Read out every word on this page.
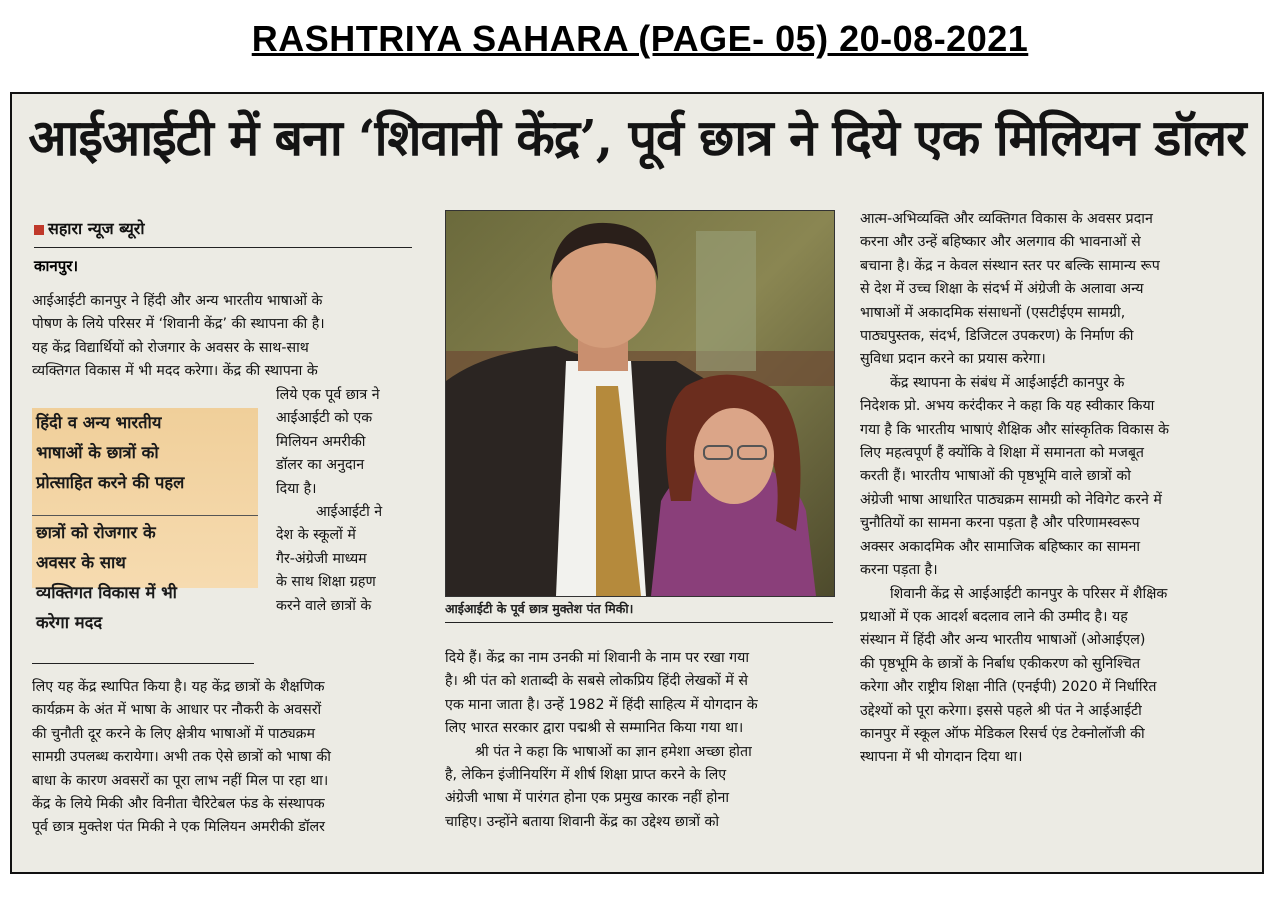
RASHTRIYA SAHARA (PAGE- 05) 20-08-2021
आईआईटी में बना ‘शिवानी केंद्र’, पूर्व छात्र ने दिये एक मिलियन डॉलर
सहारा न्यूज ब्यूरो
कानपुर।

आईआईटी कानपुर ने हिंदी और अन्य भारतीय भाषाओं के

पोषण के लिये परिसर में ‘शिवानी केंद्र’ की स्थापना की है।

यह केंद्र विद्यार्थियों को रोजगार के अवसर के साथ-साथ

व्यक्तिगत विकास में भी मदद करेगा। केंद्र की स्थापना के

हिंदी व अन्य भारतीय
भाषाओं के छात्रों को
प्रोत्साहित करने की पहल
छात्रों को रोजगार के
अवसर के साथ
व्यक्तिगत विकास में भी
करेगा मदद

लिये एक पूर्व छात्र ने

आईआईटी को एक

मिलियन अमरीकी

डॉलर का अनुदान

दिया है।

आईआईटी ने

देश के स्कूलों में

गैर-अंग्रेजी माध्यम

के साथ शिक्षा ग्रहण

करने वाले छात्रों के

लिए यह केंद्र स्थापित किया है। यह केंद्र छात्रों के शैक्षणिक

कार्यक्रम के अंत में भाषा के आधार पर नौकरी के अवसरों

की चुनौती दूर करने के लिए क्षेत्रीय भाषाओं में पाठ्यक्रम

सामग्री उपलब्ध करायेगा। अभी तक ऐसे छात्रों को भाषा की

बाधा के कारण अवसरों का पूरा लाभ नहीं मिल पा रहा था।

केंद्र के लिये मिकी और विनीता चैरिटेबल फंड के संस्थापक

पूर्व छात्र मुक्तेश पंत मिकी ने एक मिलियन अमरीकी डॉलर

आईआईटी के पूर्व छात्र मुक्तेश पंत मिकी।

दिये हैं। केंद्र का नाम उनकी मां शिवानी के नाम पर रखा गया

है। श्री पंत को शताब्दी के सबसे लोकप्रिय हिंदी लेखकों में से

एक माना जाता है। उन्हें 1982 में हिंदी साहित्य में योगदान के

लिए भारत सरकार द्वारा पद्मश्री से सम्मानित किया गया था।

श्री पंत ने कहा कि भाषाओं का ज्ञान हमेशा अच्छा होता

है, लेकिन इंजीनियरिंग में शीर्ष शिक्षा प्राप्त करने के लिए

अंग्रेजी भाषा में पारंगत होना एक प्रमुख कारक नहीं होना

चाहिए। उन्होंने बताया शिवानी केंद्र का उद्देश्य छात्रों को

आत्म-अभिव्यक्ति और व्यक्तिगत विकास के अवसर प्रदान

करना और उन्हें बहिष्कार और अलगाव की भावनाओं से

बचाना है। केंद्र न केवल संस्थान स्तर पर बल्कि सामान्य रूप

से देश में उच्च शिक्षा के संदर्भ में अंग्रेजी के अलावा अन्य

भाषाओं में अकादमिक संसाधनों (एसटीईएम सामग्री,

पाठ्यपुस्तक, संदर्भ, डिजिटल उपकरण) के निर्माण की

सुविधा प्रदान करने का प्रयास करेगा।

केंद्र स्थापना के संबंध में आईआईटी कानपुर के

निदेशक प्रो. अभय करंदीकर ने कहा कि यह स्वीकार किया

गया है कि भारतीय भाषाएं शैक्षिक और सांस्कृतिक विकास के

लिए महत्वपूर्ण हैं क्योंकि वे शिक्षा में समानता को मजबूत

करती हैं। भारतीय भाषाओं की पृष्ठभूमि वाले छात्रों को

अंग्रेजी भाषा आधारित पाठ्यक्रम सामग्री को नेविगेट करने में

चुनौतियों का सामना करना पड़ता है और परिणामस्वरूप

अक्सर अकादमिक और सामाजिक बहिष्कार का सामना

करना पड़ता है।

शिवानी केंद्र से आईआईटी कानपुर के परिसर में शैक्षिक

प्रथाओं में एक आदर्श बदलाव लाने की उम्मीद है। यह

संस्थान में हिंदी और अन्य भारतीय भाषाओं (ओआईएल)

की पृष्ठभूमि के छात्रों के निर्बाध एकीकरण को सुनिश्चित

करेगा और राष्ट्रीय शिक्षा नीति (एनईपी) 2020 में निर्धारित

उद्देश्यों को पूरा करेगा। इससे पहले श्री पंत ने आईआईटी

कानपुर में स्कूल ऑफ मेडिकल रिसर्च एंड टेक्नोलॉजी की

स्थापना में भी योगदान दिया था।
